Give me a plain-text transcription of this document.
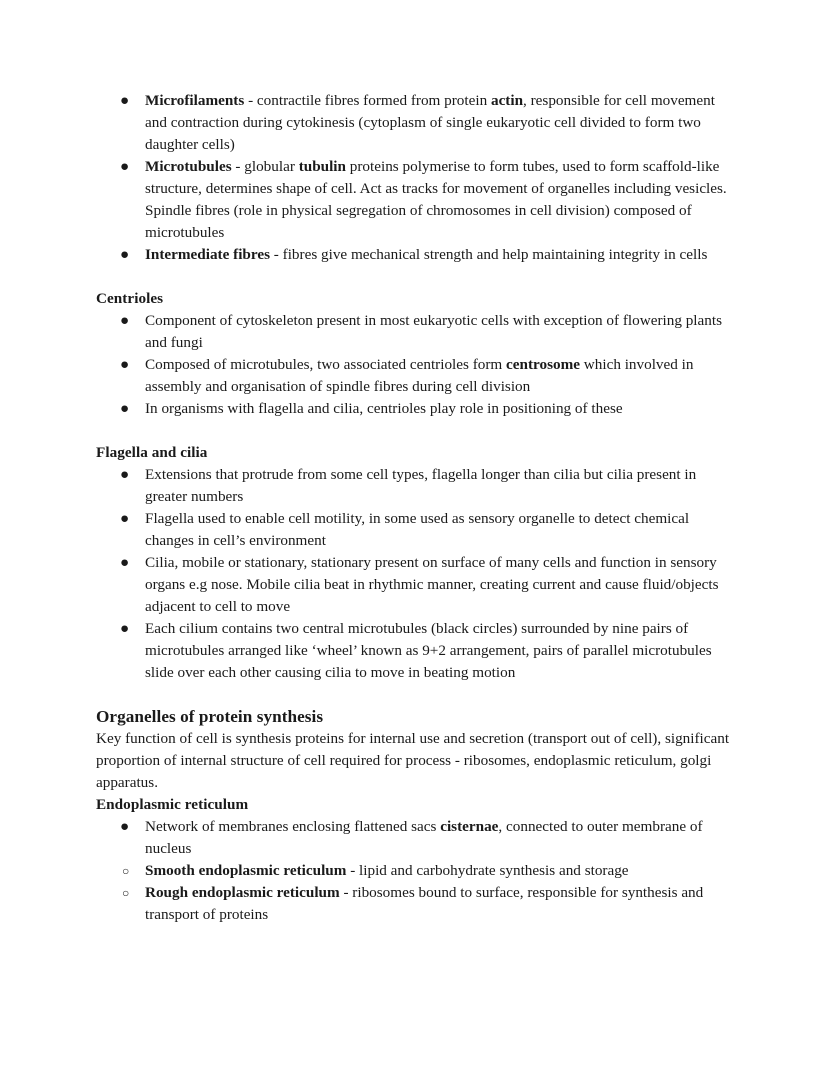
● Microfilaments - contractile fibres formed from protein actin, responsible for cell movement and contraction during cytokinesis (cytoplasm of single eukaryotic cell divided to form two daughter cells)
● Microtubules - globular tubulin proteins polymerise to form tubes, used to form scaffold-like structure, determines shape of cell. Act as tracks for movement of organelles including vesicles. Spindle fibres (role in physical segregation of chromosomes in cell division) composed of microtubules
● Intermediate fibres - fibres give mechanical strength and help maintaining integrity in cells
Centrioles
● Component of cytoskeleton present in most eukaryotic cells with exception of flowering plants and fungi
● Composed of microtubules, two associated centrioles form centrosome which involved in assembly and organisation of spindle fibres during cell division
● In organisms with flagella and cilia, centrioles play role in positioning of these
Flagella and cilia
● Extensions that protrude from some cell types, flagella longer than cilia but cilia present in greater numbers
● Flagella used to enable cell motility, in some used as sensory organelle to detect chemical changes in cell’s environment
● Cilia, mobile or stationary, stationary present on surface of many cells and function in sensory organs e.g nose. Mobile cilia beat in rhythmic manner, creating current and cause fluid/objects adjacent to cell to move
● Each cilium contains two central microtubules (black circles) surrounded by nine pairs of microtubules arranged like ‘wheel’ known as 9+2 arrangement, pairs of parallel microtubules slide over each other causing cilia to move in beating motion
Organelles of protein synthesis
Key function of cell is synthesis proteins for internal use and secretion (transport out of cell), significant proportion of internal structure of cell required for process - ribosomes, endoplasmic reticulum, golgi apparatus.
Endoplasmic reticulum
● Network of membranes enclosing flattened sacs cisternae, connected to outer membrane of nucleus
○ Smooth endoplasmic reticulum - lipid and carbohydrate synthesis and storage
○ Rough endoplasmic reticulum - ribosomes bound to surface, responsible for synthesis and transport of proteins
